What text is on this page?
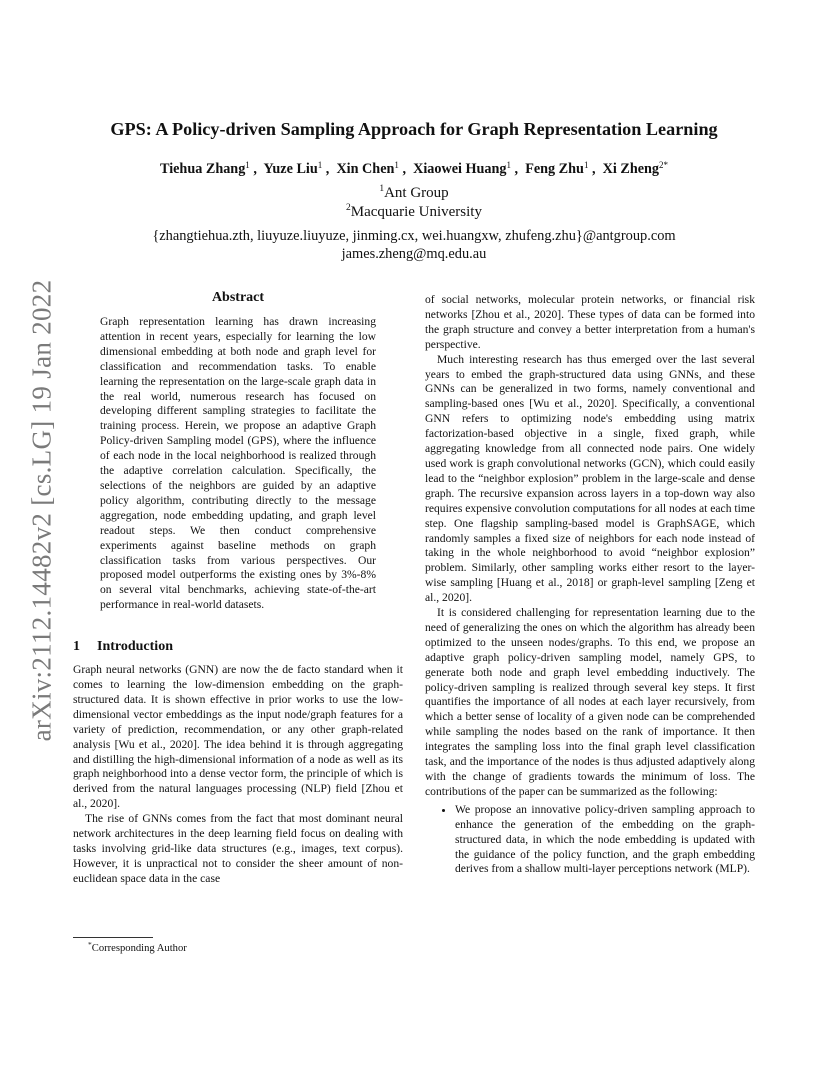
arXiv:2112.14482v2 [cs.LG] 19 Jan 2022
GPS: A Policy-driven Sampling Approach for Graph Representation Learning
Tiehua Zhang$^1$ ,  Yuze Liu$^1$ ,  Xin Chen$^1$ ,  Xiaowei Huang$^1$ ,  Feng Zhu$^1$ ,  Xi Zheng$^{2*}$
$^1$Ant Group
$^2$Macquarie University
{zhangtiehua.zth, liuyuze.liuyuze, jinming.cx, wei.huangxw, zhufeng.zhu}@antgroup.com
james.zheng@mq.edu.au
Abstract

Graph representation learning has drawn increasing attention in recent years, especially for learning the low dimensional embedding at both node and graph level for classification and recommendation tasks. To enable learning the representation on the large-scale graph data in the real world, numerous research has focused on developing different sampling strategies to facilitate the training process. Herein, we propose an adaptive Graph Policy-driven Sampling model (GPS), where the influence of each node in the local neighborhood is realized through the adaptive correlation calculation. Specifically, the selections of the neighbors are guided by an adaptive policy algorithm, contributing directly to the message aggregation, node embedding updating, and graph level readout steps. We then conduct comprehensive experiments against baseline methods on graph classification tasks from various perspectives. Our proposed model outperforms the existing ones by 3%-8% on several vital benchmarks, achieving state-of-the-art performance in real-world datasets.

1 Introduction

Graph neural networks (GNN) are now the de facto standard when it comes to learning the low-dimension embedding on the graph-structured data. It is shown effective in prior works to use the low-dimensional vector embeddings as the input node/graph features for a variety of prediction, recommendation, or any other graph-related analysis [Wu et al., 2020]. The idea behind it is through aggregating and distilling the high-dimensional information of a node as well as its graph neighborhood into a dense vector form, the principle of which is derived from the natural languages processing (NLP) field [Zhou et al., 2020].

The rise of GNNs comes from the fact that most dominant neural network architectures in the deep learning field focus on dealing with tasks involving grid-like data structures (e.g., images, text corpus). However, it is unpractical not to consider the sheer amount of non-euclidean space data in the case

of social networks, molecular protein networks, or financial risk networks [Zhou et al., 2020]. These types of data can be formed into the graph structure and convey a better interpretation from a human's perspective.

Much interesting research has thus emerged over the last several years to embed the graph-structured data using GNNs, and these GNNs can be generalized in two forms, namely conventional and sampling-based ones [Wu et al., 2020]. Specifically, a conventional GNN refers to optimizing node's embedding using matrix factorization-based objective in a single, fixed graph, while aggregating knowledge from all connected node pairs. One widely used work is graph convolutional networks (GCN), which could easily lead to the “neighbor explosion” problem in the large-scale and dense graph. The recursive expansion across layers in a top-down way also requires expensive convolution computations for all nodes at each time step. One flagship sampling-based model is GraphSAGE, which randomly samples a fixed size of neighbors for each node instead of taking in the whole neighborhood to avoid “neighbor explosion” problem. Similarly, other sampling works either resort to the layer-wise sampling [Huang et al., 2018] or graph-level sampling [Zeng et al., 2020].

It is considered challenging for representation learning due to the need of generalizing the ones on which the algorithm has already been optimized to the unseen nodes/graphs. To this end, we propose an adaptive graph policy-driven sampling model, namely GPS, to generate both node and graph level embedding inductively. The policy-driven sampling is realized through several key steps. It first quantifies the importance of all nodes at each layer recursively, from which a better sense of locality of a given node can be comprehended while sampling the nodes based on the rank of importance. It then integrates the sampling loss into the final graph level classification task, and the importance of the nodes is thus adjusted adaptively along with the change of gradients towards the minimum of loss. The contributions of the paper can be summarized as the following:

• We propose an innovative policy-driven sampling approach to enhance the generation of the embedding on the graph-structured data, in which the node embedding is updated with the guidance of the policy function, and the graph embedding derives from a shallow multi-layer perceptions network (MLP).
*Corresponding Author
